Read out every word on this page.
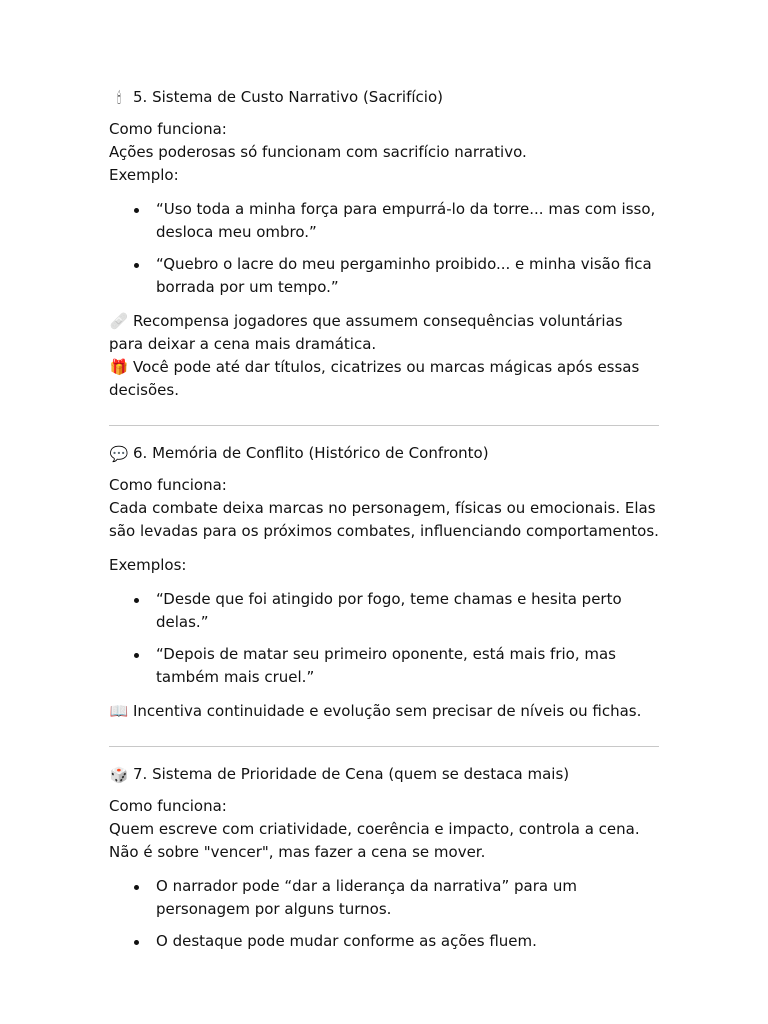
🕯 5. Sistema de Custo Narrativo (Sacrifício)

Como funciona:

Ações poderosas só funcionam com sacrifício narrativo.

Exemplo:

“Uso toda a minha força para empurrá-lo da torre... mas com isso, desloca meu ombro.”
“Quebro o lacre do meu pergaminho proibido... e minha visão fica borrada por um tempo.”

🩹 Recompensa jogadores que assumem consequências voluntárias para deixar a cena mais dramática.

🎁 Você pode até dar títulos, cicatrizes ou marcas mágicas após essas decisões.

💬 6. Memória de Conflito (Histórico de Confronto)

Como funciona:

Cada combate deixa marcas no personagem, físicas ou emocionais. Elas são levadas para os próximos combates, influenciando comportamentos.

Exemplos:

“Desde que foi atingido por fogo, teme chamas e hesita perto delas.”
“Depois de matar seu primeiro oponente, está mais frio, mas também mais cruel.”

📖 Incentiva continuidade e evolução sem precisar de níveis ou fichas.

🎲 7. Sistema de Prioridade de Cena (quem se destaca mais)

Como funciona:

Quem escreve com criatividade, coerência e impacto, controla a cena. Não é sobre "vencer", mas fazer a cena se mover.

O narrador pode “dar a liderança da narrativa” para um personagem por alguns turnos.
O destaque pode mudar conforme as ações fluem.
